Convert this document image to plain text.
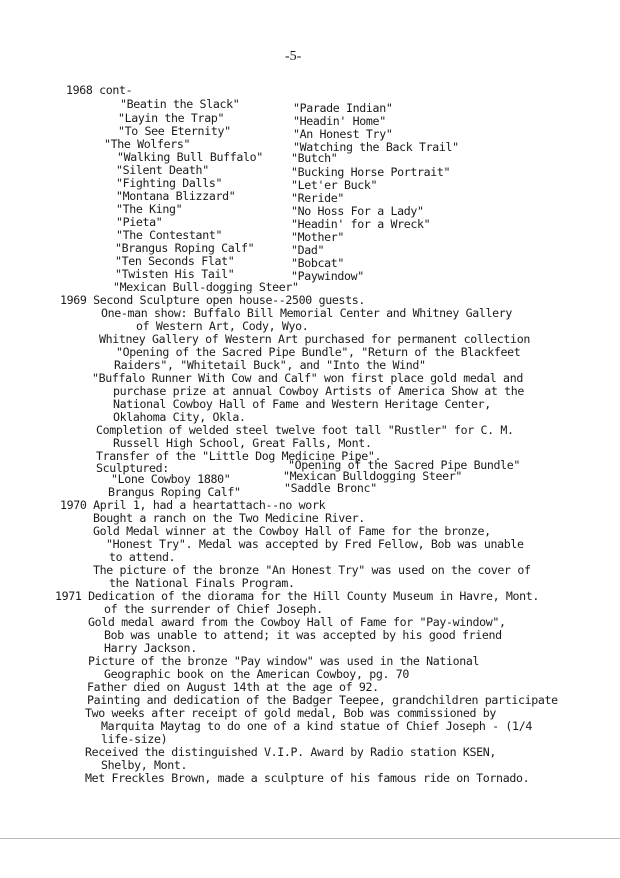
-5-
1968 cont-
"Beatin the Slack"	"Parade Indian"
"Layin the Trap"	"Headin' Home"
"To See Eternity"	"An Honest Try"
"The Wolfers"	"Watching the Back Trail"
"Walking Bull Buffalo" "Butch"
"Silent Death"	"Bucking Horse Portrait"
"Fighting Dalls"	"Let'er Buck"
"Montana Blizzard"	"Reride"
"The King"	"No Hoss For a Lady"
"Pieta"	"Headin' for a Wreck"
"The Contestant"	"Mother"
"Brangus Roping Calf"	"Dad"
"Ten Seconds Flat"	"Bobcat"
"Twisten His Tail"	"Paywindow"
"Mexican Bull-dogging Steer"
1969 Second Sculpture open house--2500 guests.
One-man show: Buffalo Bill Memorial Center and Whitney Gallery
of Western Art, Cody, Wyo.
Whitney Gallery of Western Art purchased for permanent collection
"Opening of the Sacred Pipe Bundle", "Return of the Blackfeet
Raiders", "Whitetail Buck", and "Into the Wind"
"Buffalo Runner With Cow and Calf" won first place gold medal and
purchase prize at annual Cowboy Artists of America Show at the
National Cowboy Hall of Fame and Western Heritage Center,
Oklahoma City, Okla.
Completion of welded steel twelve foot tall "Rustler" for C. M.
Russell High School, Great Falls, Mont.
Transfer of the "Little Dog Medicine Pipe".
Sculptured:	"Opening of the Sacred Pipe Bundle"
"Lone Cowboy 1880"	"Mexican Bulldogging Steer"
Brangus Roping Calf"	"Saddle Bronc"
1970 April 1, had a heartattach--no work
Bought a ranch on the Two Medicine River.
Gold Medal winner at the Cowboy Hall of Fame for the bronze,
"Honest Try". Medal was accepted by Fred Fellow, Bob was unable
to attend.
The picture of the bronze "An Honest Try" was used on the cover of
the National Finals Program.
1971 Dedication of the diorama for the Hill County Museum in Havre, Mont.
of the surrender of Chief Joseph.
Gold medal award from the Cowboy Hall of Fame for "Pay-window",
Bob was unable to attend; it was accepted by his good friend
Harry Jackson.
Picture of the bronze "Pay window" was used in the National
Geographic book on the American Cowboy, pg. 70
Father died on August 14th at the age of 92.
Painting and dedication of the Badger Teepee, grandchildren participate
Two weeks after receipt of gold medal, Bob was commissioned by
Marquita Maytag to do one of a kind statue of Chief Joseph - (1/4
life-size)
Received the distinguished V.I.P. Award by Radio station KSEN,
Shelby, Mont.
Met Freckles Brown, made a sculpture of his famous ride on Tornado.
